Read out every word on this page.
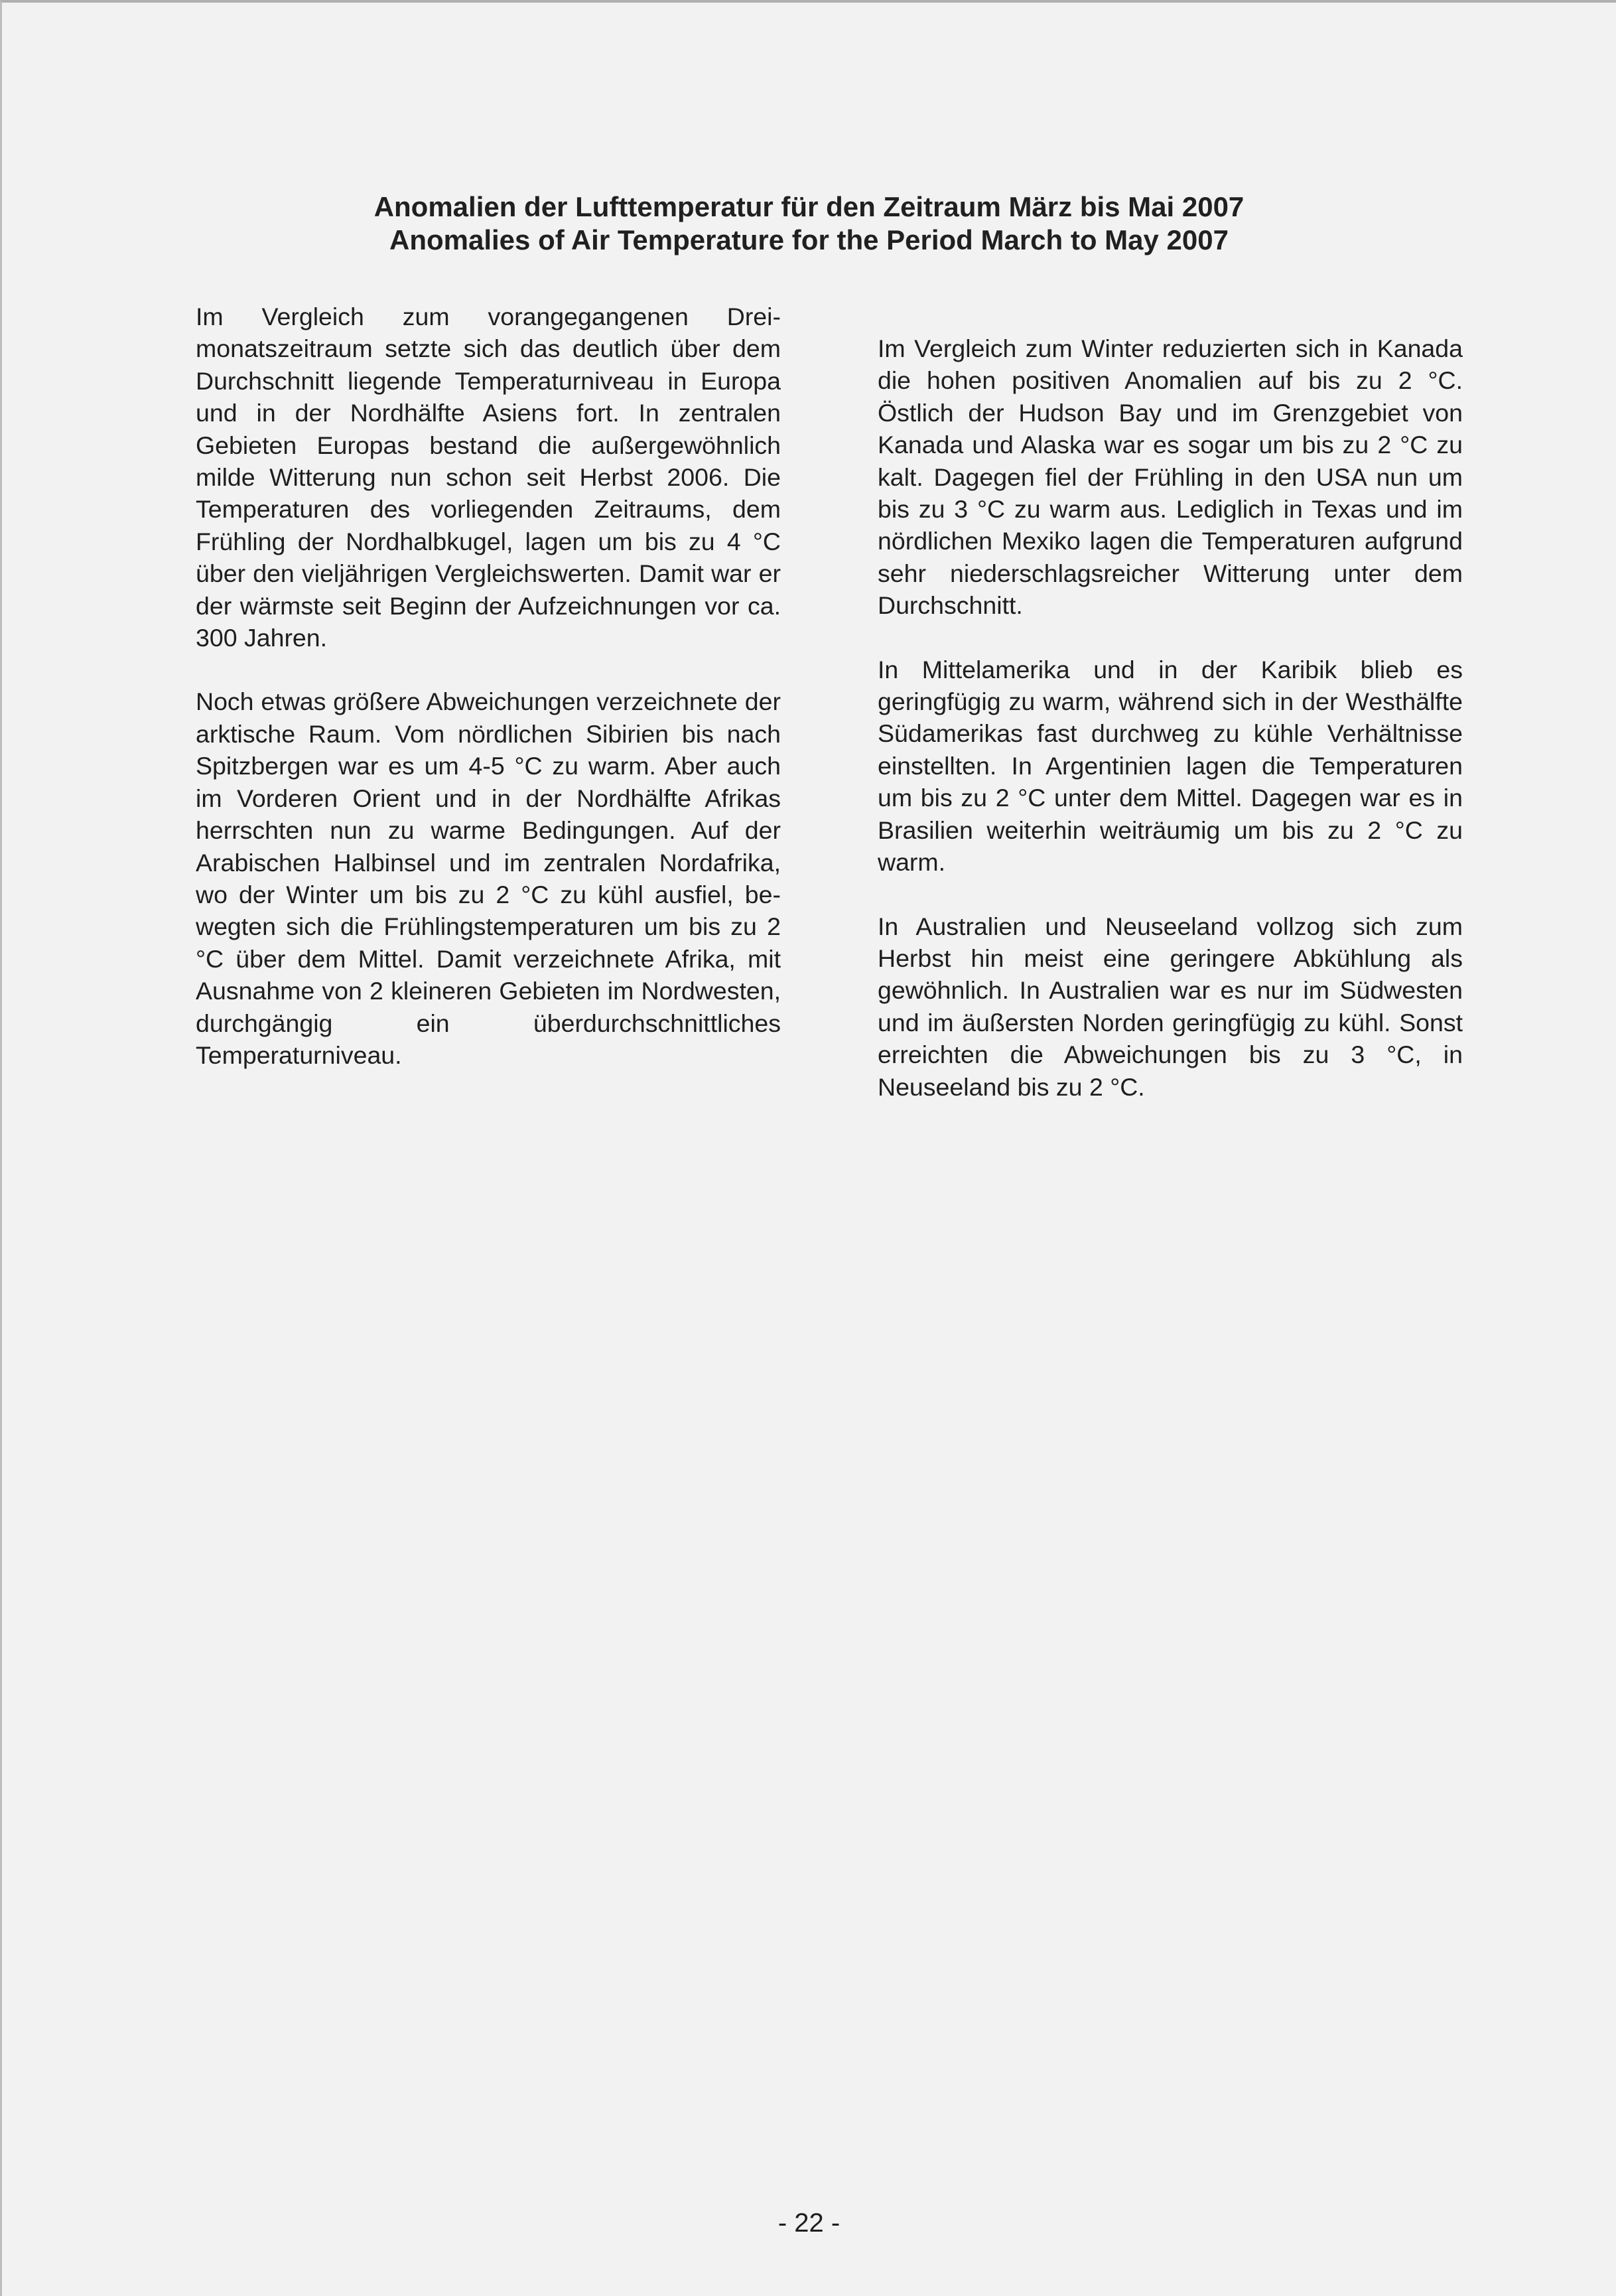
Anomalien der Lufttemperatur für den Zeitraum März bis Mai 2007
Anomalies of Air Temperature for the Period March to May 2007

Im Vergleich zum vorangegangenen Dreimonatszeitraum setzte sich das deutlich über dem Durchschnitt liegende Temperaturniveau in Europa und in der Nordhälfte Asiens fort. In zentralen Gebieten Europas bestand die außergewöhnlich milde Witterung nun schon seit Herbst 2006. Die Temperaturen des vorliegenden Zeitraums, dem Frühling der Nordhalbkugel, lagen um bis zu 4 °C über den vieljährigen Vergleichswerten. Damit war er der wärmste seit Beginn der Aufzeichnungen vor ca. 300 Jahren.

Noch etwas größere Abweichungen verzeichnete der arktische Raum. Vom nördlichen Sibirien bis nach Spitzbergen war es um 4-5 °C zu warm. Aber auch im Vorderen Orient und in der Nordhälfte Afrikas herrschten nun zu warme Bedingungen. Auf der Arabischen Halbinsel und im zentralen Nordafrika, wo der Winter um bis zu 2 °C zu kühl ausfiel, bewegten sich die Frühlingstemperaturen um bis zu 2 °C über dem Mittel. Damit verzeichnete Afrika, mit Ausnahme von 2 kleineren Gebieten im Nordwesten, durchgängig ein überdurchschnittliches Temperaturniveau.

Im Vergleich zum Winter reduzierten sich in Kanada die hohen positiven Anomalien auf bis zu 2 °C. Östlich der Hudson Bay und im Grenzgebiet von Kanada und Alaska war es sogar um bis zu 2 °C zu kalt. Dagegen fiel der Frühling in den USA nun um bis zu 3 °C zu warm aus. Lediglich in Texas und im nördlichen Mexiko lagen die Temperaturen aufgrund sehr niederschlagsreicher Witterung unter dem Durchschnitt.

In Mittelamerika und in der Karibik blieb es geringfügig zu warm, während sich in der Westhälfte Südamerikas fast durchweg zu kühle Verhältnisse einstellten. In Argentinien lagen die Temperaturen um bis zu 2 °C unter dem Mittel. Dagegen war es in Brasilien weiterhin weiträumig um bis zu 2 °C zu warm.

In Australien und Neuseeland vollzog sich zum Herbst hin meist eine geringere Abkühlung als gewöhnlich. In Australien war es nur im Südwesten und im äußersten Norden geringfügig zu kühl. Sonst erreichten die Abweichungen bis zu 3 °C, in Neuseeland bis zu 2 °C.

- 22 -
